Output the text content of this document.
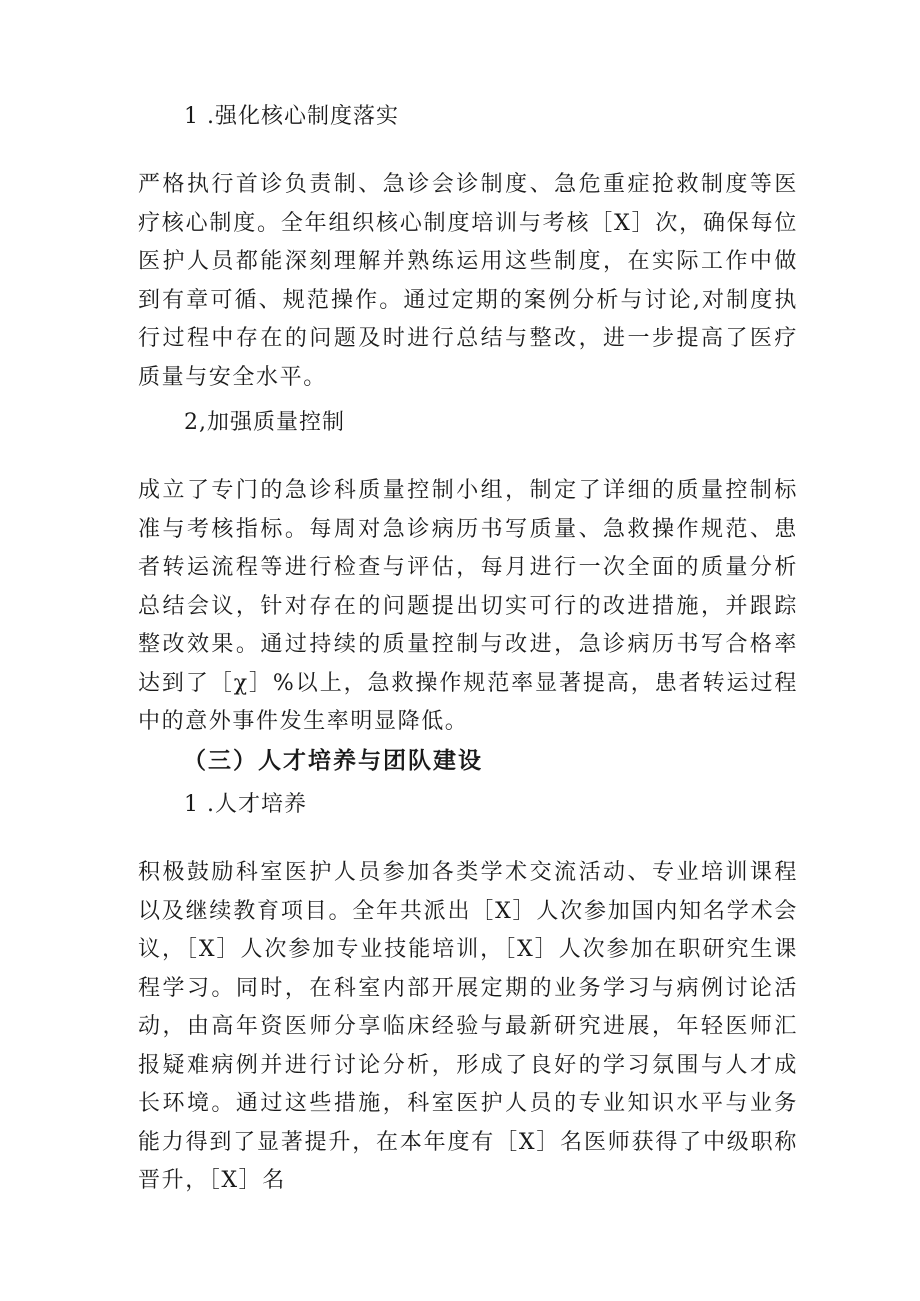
1 .强化核心制度落实

严格执行首诊负责制、急诊会诊制度、急危重症抢救制度等医疗核心制度。全年组织核心制度培训与考核［X］次，确保每位医护人员都能深刻理解并熟练运用这些制度，在实际工作中做到有章可循、规范操作。通过定期的案例分析与讨论,对制度执行过程中存在的问题及时进行总结与整改，进一步提高了医疗质量与安全水平。

2,加强质量控制

成立了专门的急诊科质量控制小组，制定了详细的质量控制标准与考核指标。每周对急诊病历书写质量、急救操作规范、患者转运流程等进行检查与评估，每月进行一次全面的质量分析总结会议，针对存在的问题提出切实可行的改进措施，并跟踪整改效果。通过持续的质量控制与改进，急诊病历书写合格率达到了［χ］%以上，急救操作规范率显著提高，患者转运过程中的意外事件发生率明显降低。

（三）人才培养与团队建设
1 .人才培养

积极鼓励科室医护人员参加各类学术交流活动、专业培训课程以及继续教育项目。全年共派出［X］人次参加国内知名学术会议，［X］人次参加专业技能培训，［X］人次参加在职研究生课程学习。同时，在科室内部开展定期的业务学习与病例讨论活动，由高年资医师分享临床经验与最新研究进展，年轻医师汇报疑难病例并进行讨论分析，形成了良好的学习氛围与人才成长环境。通过这些措施，科室医护人员的专业知识水平与业务能力得到了显著提升，在本年度有［X］名医师获得了中级职称晋升，［X］名
